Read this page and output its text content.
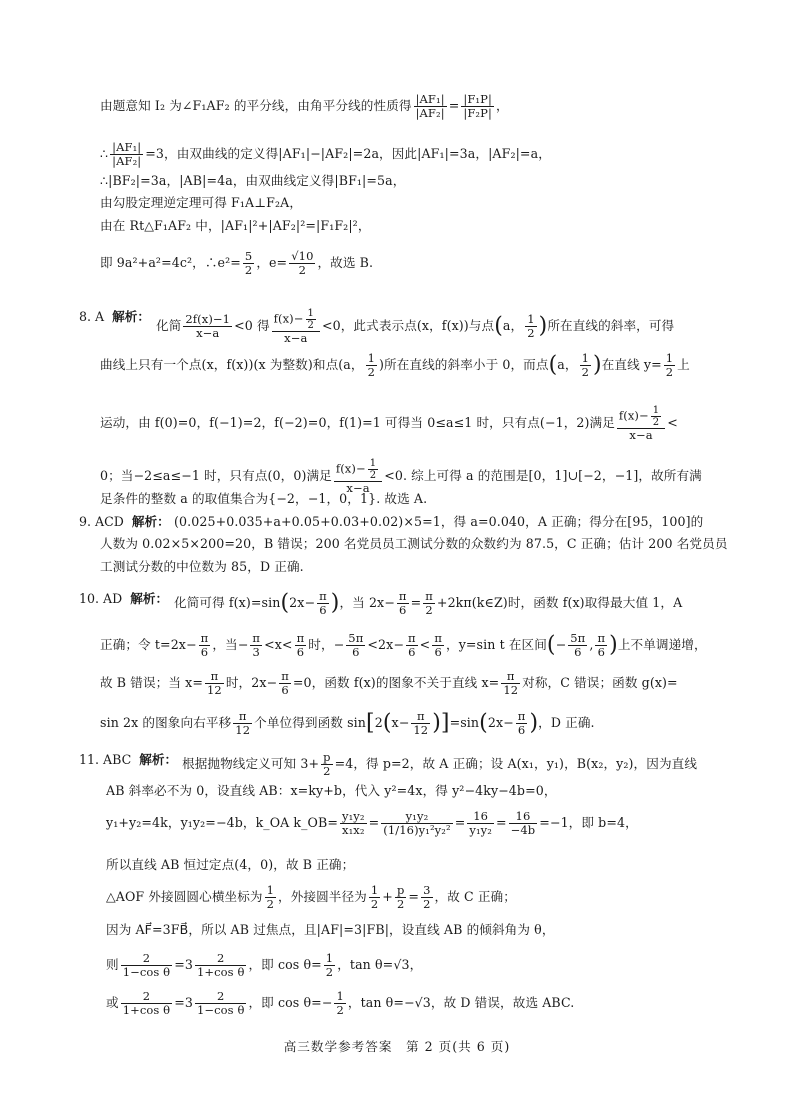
由题意知 I₂ 为∠F₁AF₂ 的平分线，由角平分线的性质得 $\frac{\text{|AF₁|}}{\text{|AF₂|}} = \frac{\text{|F₁P|}}{\text{|F₂P|}}$ ，
∴ $\frac{\text{|AF₁|}}{\text{|AF₂|}} =3$，由双曲线的定义得|AF₁|−|AF₂|=2a，因此|AF₁|=3a，|AF₂|=a，
∴|BF₂|=3a，|AB|=4a，由双曲线定义得|BF₁|=5a，
由勾股定理逆定理可得 F₁A⊥F₂A，
由在 Rt△F₁AF₂ 中，|AF₁|²+|AF₂|²=|F₁F₂|²，
即 9a²+a²=4c²，∴e²= $\frac{5}{2}$ ，$e= \frac{√10}{2}$ ，故选 B.
8. A 解析：
化简 $\frac{2f(x)-1}{x-a} <0$ 得 $\frac{f(x)- \frac{1}{2}}{x-a} <0$，此式表示点(x，f(x))与点(a， $\frac{1}{2}$ )所在直线的斜率，可得
曲线上只有一个点(x，f(x))(x 为整数)和点(a， $\frac{1}{2}$ )所在直线的斜率小于 0，而点(a， $\frac{1}{2}$ )在直线 $y= \frac{1}{2}$ 上
运动，由 f(0)=0，f(−1)=2，f(−2)=0，f(1)=1 可得当 0≤a≤1 时，只有点(−1，2)满足 $\frac{f(x)- \frac{1}{2}}{x-a}$ <
0；当−2≤a≤−1 时，只有点(0，0)满足 $\frac{f(x)- \frac{1}{2}}{x-a} <0$. 综上可得 a 的范围是[0，1]∪[−2，−1]，故所有满
足条件的整数 a 的取值集合为{−2，−1，0，1}. 故选 A.
9. ACD 解析： (0.025+0.035+a+0.05+0.03+0.02)×5=1，得 a=0.040，A 正确；得分在[95，100]的
人数为 0.02×5×200=20，B 错误；200 名党员员工测试分数的众数约为 87.5，C 正确；估计 200 名党员员
工测试分数的中位数为 85，D 正确.
10. AD 解析： 化简可得 $f(x)=\sin(2x- \frac{\pi}{6}$ )，当 $2x- \frac{\pi}{6} = \frac{\pi}{2}$ +2kπ(k∈Z)时，函数 f(x)取得最大值 1，A
正确；令 $t=2x- \frac{\pi}{6}$ ，当− $\frac{\pi}{3} <x< \frac{\pi}{6}$ 时，− $\frac{5\pi}{6} <2x- \frac{\pi}{6} < \frac{\pi}{6}$ ，y=sin t 在区间(− $\frac{5\pi}{6}$ , $\frac{\pi}{6}$ )上不单调递增，
故 B 错误；当 $x= \frac{\pi}{12}$ 时，$2x- \frac{\pi}{6} =0$，函数 f(x)的图象不关于直线 $x= \frac{\pi}{12}$ 对称，C 错误；函数 g(x)=
sin 2x 的图象向右平移 $\frac{\pi}{12}$ 个单位得到函数 $\sin[2(x- \frac{\pi}{12} )]=\sin(2x- \frac{\pi}{6}$ )，D 正确.
11. ABC 解析： 根据抛物线定义可知 $3+ \frac{p}{2} =4$，得 p=2，故 A 正确；设 A(x₁，y₁)，B(x₂，y₂)，因为直线
AB 斜率必不为 0，设直线 AB：x=ky+b，代入 y²=4x，得 y²−4ky−4b=0，
y₁+y₂=4k，y₁y₂=−4b，k_OA k_OB= $\frac{\text{y₁y₂}}{\text{x₁x₂}} = \frac{\text{y₁y₂}}{\text{(1/16)y₁²y₂²}} = \frac{16}{\text{y₁y₂}} = \frac{16}{-4b} =-1$，即 b=4，
所以直线 AB 恒过定点(4，0)，故 B 正确；
△AOF 外接圆圆心横坐标为 $\frac{1}{2}$ ，外接圆半径为 $\frac{1}{2} + \frac{p}{2} = \frac{3}{2}$ ，故 C 正确；
因为 AF⃗=3FB⃗，所以 AB 过焦点，且|AF|=3|FB|，设直线 AB 的倾斜角为 θ，
则 $\frac{2}{\text{1−cos θ}} =3 \frac{2}{\text{1+cos θ}}$ ，即 $\cos \theta= \frac{1}{2}$ ，tan θ=√3，
或 $\frac{2}{\text{1+cos θ}} =3 \frac{2}{\text{1−cos θ}}$ ，即 $\cos \theta=- \frac{1}{2}$ ，tan θ=−√3，故 D 错误，故选 ABC.
高三数学参考答案　第 2 页(共 6 页)
